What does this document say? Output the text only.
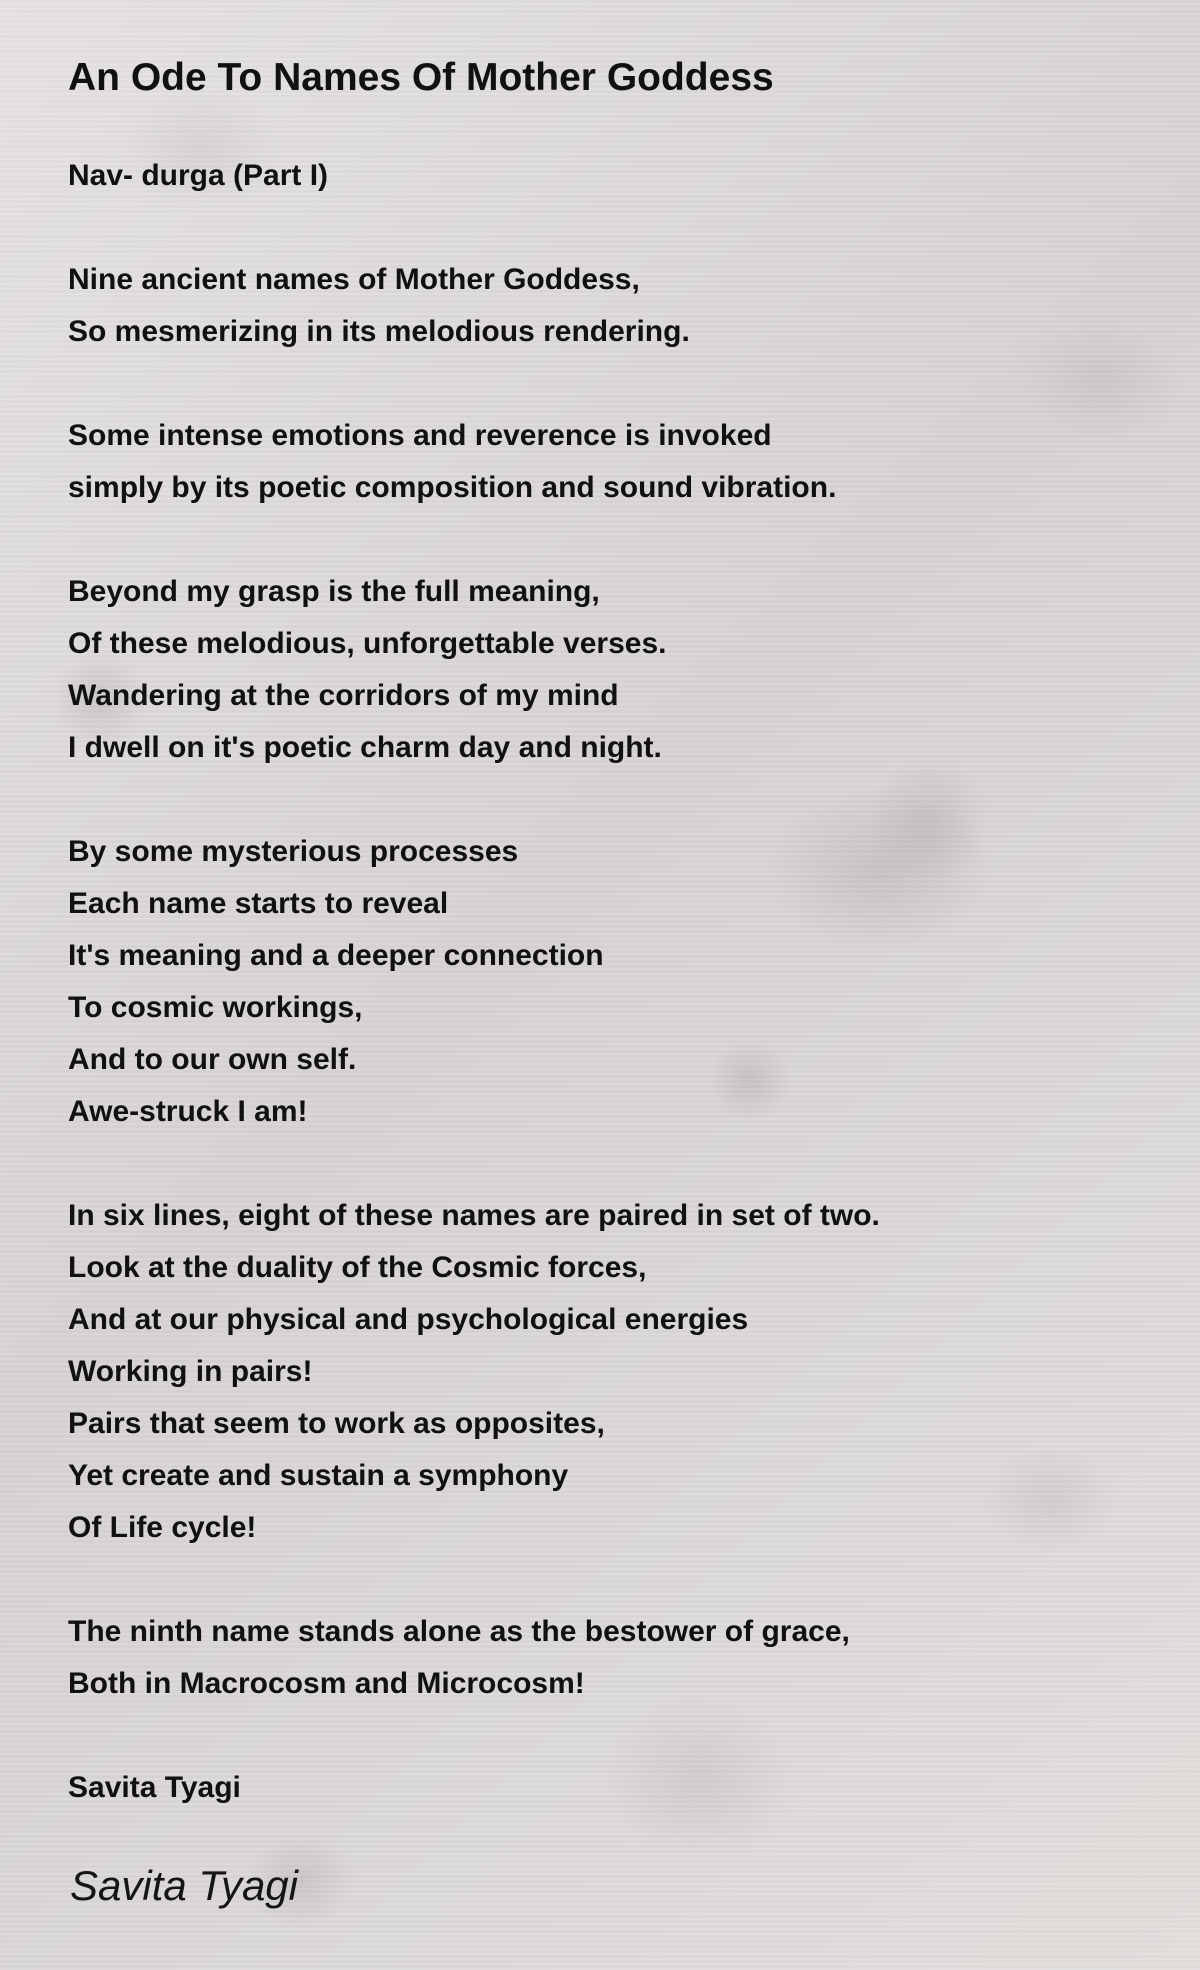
An Ode To Names Of Mother Goddess
Nav- durga (Part I)
Nine ancient names of Mother Goddess,
So mesmerizing in its melodious rendering.
Some intense emotions and reverence is invoked
simply by its poetic composition and sound vibration.
Beyond my grasp is the full meaning,
Of these melodious, unforgettable verses.
Wandering at the corridors of my mind
I dwell on it's poetic charm day and night.
By some mysterious processes
Each name starts to reveal
It's meaning and a deeper connection
To cosmic workings,
And to our own self.
Awe-struck I am!
In six lines, eight of these names are paired in set of two.
Look at the duality of the Cosmic forces,
And at our physical and psychological energies
Working in pairs!
Pairs that seem to work as opposites,
Yet create and sustain a symphony
Of Life cycle!
The ninth name stands alone as the bestower of grace,
Both in Macrocosm and Microcosm!
Savita Tyagi
Savita Tyagi
